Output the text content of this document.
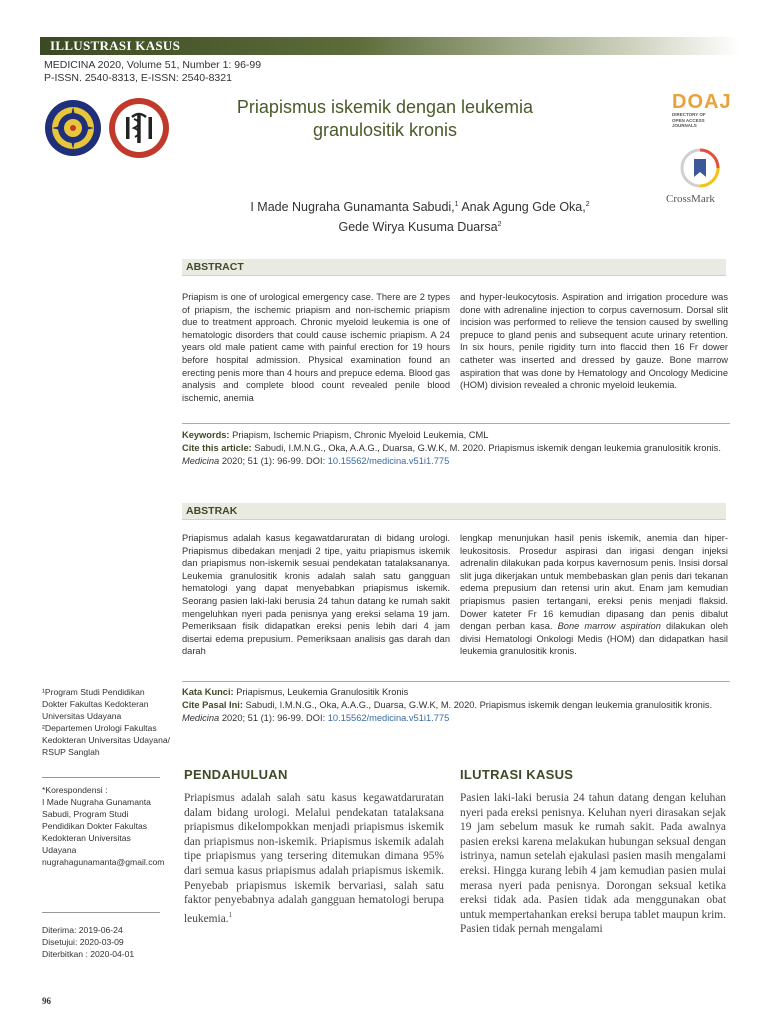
ILLUSTRASI KASUS
MEDICINA 2020, Volume 51, Number 1: 96-99
P-ISSN. 2540-8313, E-ISSN: 2540-8321
Priapismus iskemik dengan leukemia
granulositik kronis
DOAJ
DIRECTORY OF
OPEN ACCESS
JOURNALS
CrossMark
I Made Nugraha Gunamanta Sabudi,$^1$ Anak Agung Gde Oka,$^2$
Gede Wirya Kusuma Duarsa$^2$
ABSTRACT
Priapism is one of urological emergency case. There are 2 types of priapism, the ischemic priapism and non-ischemic priapism due to treatment approach. Chronic myeloid leukemia is one of hematologic disorders that could cause ischemic priapism. A 24 years old male patient came with painful erection for 19 hours before hospital admission. Physical examination found an erecting penis more than 4 hours and prepuce edema. Blood gas analysis and complete blood count revealed penile blood ischemic, anemia
and hyper-leukocytosis. Aspiration and irrigation procedure was done with adrenaline injection to corpus cavernosum. Dorsal slit incision was performed to relieve the tension caused by swelling prepuce to gland penis and subsequent acute urinary retention. In six hours, penile rigidity turn into flaccid then 16 Fr dower catheter was inserted and dressed by gauze. Bone marrow aspiration that was done by Hematology and Oncology Medicine (HOM) division revealed a chronic myeloid leukemia.
Keywords: Priapism, Ischemic Priapism, Chronic Myeloid Leukemia, CML
Cite this article: Sabudi, I.M.N.G., Oka, A.A.G., Duarsa, G.W.K, M. 2020. Priapismus iskemik dengan leukemia granulositik kronis. Medicina 2020; 51 (1): 96-99. DOI: 10.15562/medicina.v51i1.775
ABSTRAK
Priapismus adalah kasus kegawatdaruratan di bidang urologi. Priapismus dibedakan menjadi 2 tipe, yaitu priapismus iskemik dan priapismus non-iskemik sesuai pendekatan tatalaksananya. Leukemia granulositik kronis adalah salah satu gangguan hematologi yang dapat menyebabkan priapismus iskemik. Seorang pasien laki-laki berusia 24 tahun datang ke rumah sakit mengeluhkan nyeri pada penisnya yang ereksi selama 19 jam. Pemeriksaan fisik didapatkan ereksi penis lebih dari 4 jam disertai edema prepusium. Pemeriksaan analisis gas darah dan darah
lengkap menunjukan hasil penis iskemik, anemia dan hiper-leukositosis. Prosedur aspirasi dan irigasi dengan injeksi adrenalin dilakukan pada korpus kavernosum penis. Insisi dorsal slit juga dikerjakan untuk membebaskan glan penis dari tekanan edema prepusium dan retensi urin akut. Enam jam kemudian priapismus pasien tertangani, ereksi penis menjadi flaksid. Dower kateter Fr 16 kemudian dipasang dan penis dibalut dengan perban kasa. Bone marrow aspiration dilakukan oleh divisi Hematologi Onkologi Medis (HOM) dan didapatkan hasil leukemia granulositik kronis.
Kata Kunci: Priapismus, Leukemia Granulositik Kronis
Cite Pasal Ini: Sabudi, I.M.N.G., Oka, A.A.G., Duarsa, G.W.K, M. 2020. Priapismus iskemik dengan leukemia granulositik kronis. Medicina 2020; 51 (1): 96-99. DOI: 10.15562/medicina.v51i1.775
¹Program Studi Pendidikan Dokter Fakultas Kedokteran Universitas Udayana
²Departemen Urologi Fakultas Kedokteran Universitas Udayana/ RSUP Sanglah
*Korespondensi :
I Made Nugraha Gunamanta Sabudi, Program Studi Pendidikan Dokter Fakultas Kedokteran Universitas Udayana
nugrahagunamanta@gmail.com
Diterima: 2019-06-24
Disetujui: 2020-03-09
Diterbitkan : 2020-04-01
PENDAHULUAN
Priapismus adalah salah satu kasus kegawatdaruratan dalam bidang urologi. Melalui pendekatan tatalaksana priapismus dikelompokkan menjadi priapismus iskemik dan priapismus non-iskemik. Priapismus iskemik adalah tipe priapismus yang tersering ditemukan dimana 95% dari semua kasus priapismus adalah priapismus iskemik. Penyebab priapismus iskemik bervariasi, salah satu faktor penyebabnya adalah gangguan hematologi berupa leukemia.$^1$
ILUTRASI KASUS
Pasien laki-laki berusia 24 tahun datang dengan keluhan nyeri pada ereksi penisnya. Keluhan nyeri dirasakan sejak 19 jam sebelum masuk ke rumah sakit. Pada awalnya pasien ereksi karena melakukan hubungan seksual dengan istrinya, namun setelah ejakulasi pasien masih mengalami ereksi. Hingga kurang lebih 4 jam kemudian pasien mulai merasa nyeri pada penisnya. Dorongan seksual ketika ereksi tidak ada. Pasien tidak ada menggunakan obat untuk mempertahankan ereksi berupa tablet maupun krim. Pasien tidak pernah mengalami
96
